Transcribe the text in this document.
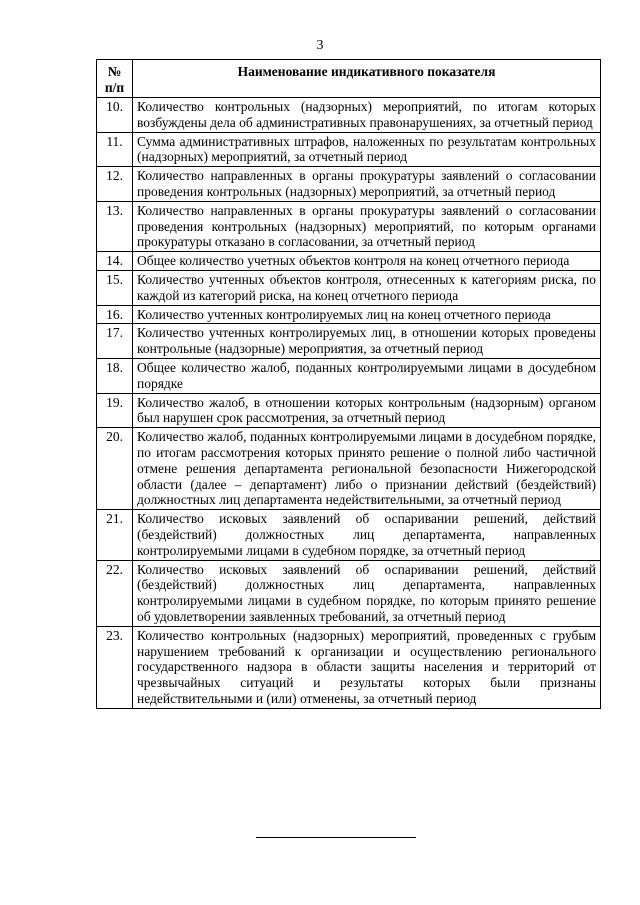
3
№
п/п	Наименование индикативного показателя
10.	Количество контрольных (надзорных) мероприятий, по итогам которых возбуждены дела об административных правонарушениях, за отчетный период
11.	Сумма административных штрафов, наложенных по результатам контрольных (надзорных) мероприятий, за отчетный период
12.	Количество направленных в органы прокуратуры заявлений о согласовании проведения контрольных (надзорных) мероприятий, за отчетный период
13.	Количество направленных в органы прокуратуры заявлений о согласовании проведения контрольных (надзорных) мероприятий, по которым органами прокуратуры отказано в согласовании, за отчетный период
14.	Общее количество учетных объектов контроля на конец отчетного периода
15.	Количество учтенных объектов контроля, отнесенных к категориям риска, по каждой из категорий риска, на конец отчетного периода
16.	Количество учтенных контролируемых лиц на конец отчетного периода
17.	Количество учтенных контролируемых лиц, в отношении которых проведены контрольные (надзорные) мероприятия, за отчетный период
18.	Общее количество жалоб, поданных контролируемыми лицами в досудебном порядке
19.	Количество жалоб, в отношении которых контрольным (надзорным) органом был нарушен срок рассмотрения, за отчетный период
20.	Количество жалоб, поданных контролируемыми лицами в досудебном порядке, по итогам рассмотрения которых принято решение о полной либо частичной отмене решения департамента региональной безопасности Нижегородской области (далее – департамент) либо о признании действий (бездействий) должностных лиц департамента недействительными, за отчетный период
21.	Количество исковых заявлений об оспаривании решений, действий (бездействий) должностных лиц департамента, направленных контролируемыми лицами в судебном порядке, за отчетный период
22.	Количество исковых заявлений об оспаривании решений, действий (бездействий) должностных лиц департамента, направленных контролируемыми лицами в судебном порядке, по которым принято решение об удовлетворении заявленных требований, за отчетный период
23.	Количество контрольных (надзорных) мероприятий, проведенных с грубым нарушением требований к организации и осуществлению регионального государственного надзора в области защиты населения и территорий от чрезвычайных ситуаций и результаты которых были признаны недействительными и (или) отменены, за отчетный период
